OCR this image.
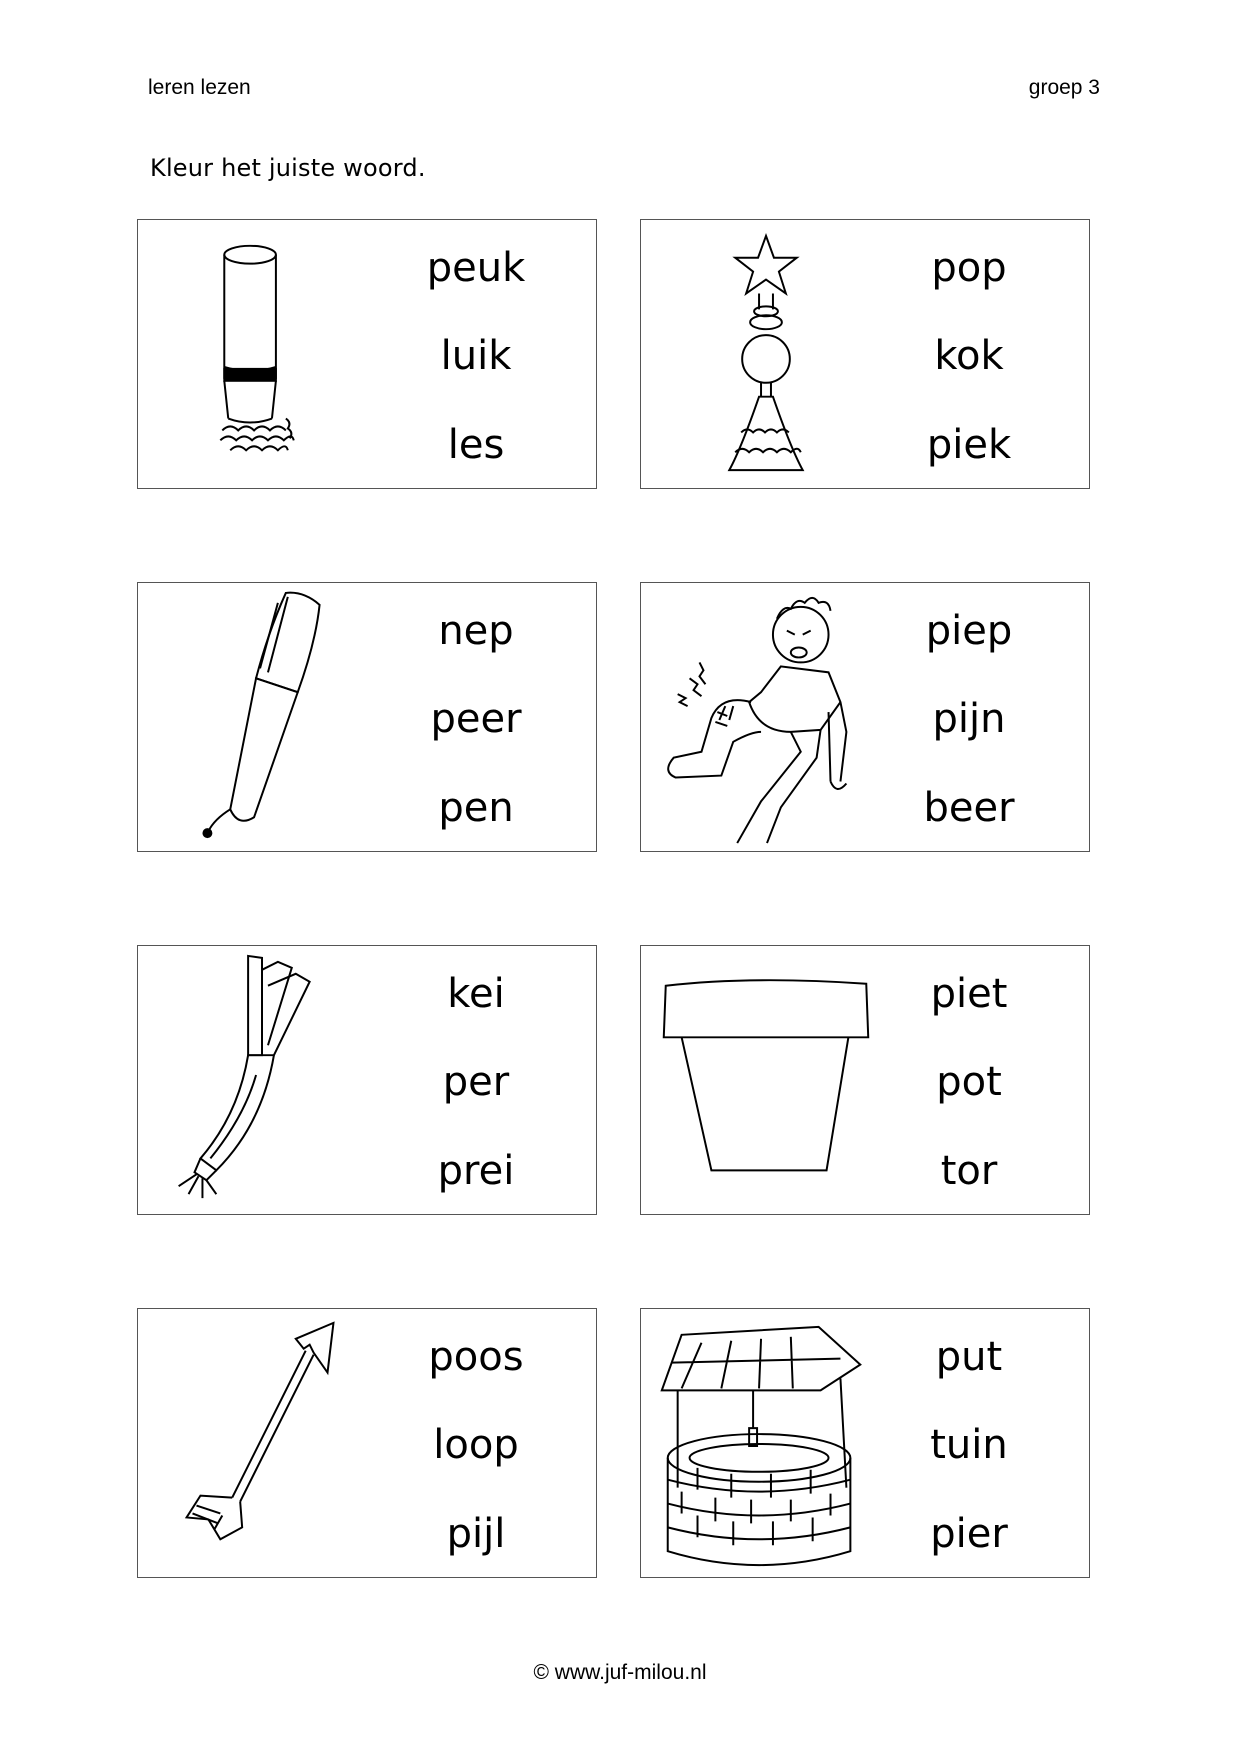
leren lezen	groep 3
Kleur het juiste woord.
peuk
luik
les
pop
kok
piek
nep
peer
pen
piep
pijn
beer
kei
per
prei
piet
pot
tor
poos
loop
pijl
put
tuin
pier
© www.juf-milou.nl
